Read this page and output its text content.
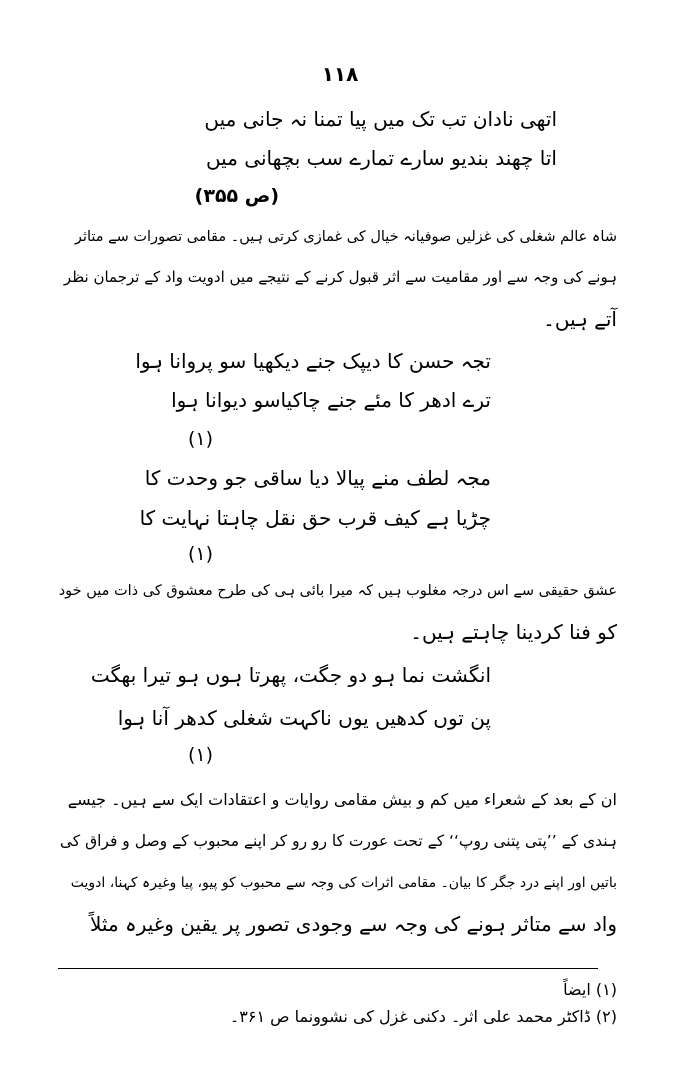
۱۱۸
اتھی نادان تب تک میں پیا تمنا نہ جانی میں
اتا چھند بندیو سارے تمارے سب بچھانی میں
(ص ۳۵۵)
شاہ عالم شغلی کی غزلیں صوفیانہ خیال کی غمازی کرتی ہیں۔ مقامی تصورات سے متاثر
ہونے کی وجہ سے اور مقامیت سے اثر قبول کرنے کے نتیجے میں ادویت واد کے ترجمان نظر
آتے ہیں۔
تجہ حسن کا دیپک جنے دیکھیا سو پروانا ہوا
ترے ادھر کا مئے جنے چاکیاسو دیوانا ہوا
(۱)
مجہ لطف منے پیالا دیا ساقی جو وحدت کا
چڑیا ہے کیف قرب حق نقل چاہتا نہایت کا
(۱)
عشق حقیقی سے اس درجہ مغلوب ہیں کہ میرا بائی ہی کی طرح معشوق کی ذات میں خود
کو فنا کردینا چاہتے ہیں۔
انگشت نما ہو دو جگت، پھرتا ہوں ہو تیرا بھگت
پن توں کدھیں یوں ناکہت شغلی کدھر آنا ہوا
(۱)
ان کے بعد کے شعراء میں کم و بیش مقامی روایات و اعتقادات ایک سے ہیں۔ جیسے
ہندی کے ’’پتی پتنی روپ‘‘ کے تحت عورت کا رو رو کر اپنے محبوب کے وصل و فراق کی
باتیں اور اپنے درد جگر کا بیان۔ مقامی اثرات کی وجہ سے محبوب کو پیو، پیا وغیرہ کہنا، ادویت
واد سے متاثر ہونے کی وجہ سے وجودی تصور پر یقین وغیرہ مثلاً
(۱) ایضاً
(۲) ڈاکٹر محمد علی اثر۔ دکنی غزل کی نشوونما ص ۳۶۱۔
